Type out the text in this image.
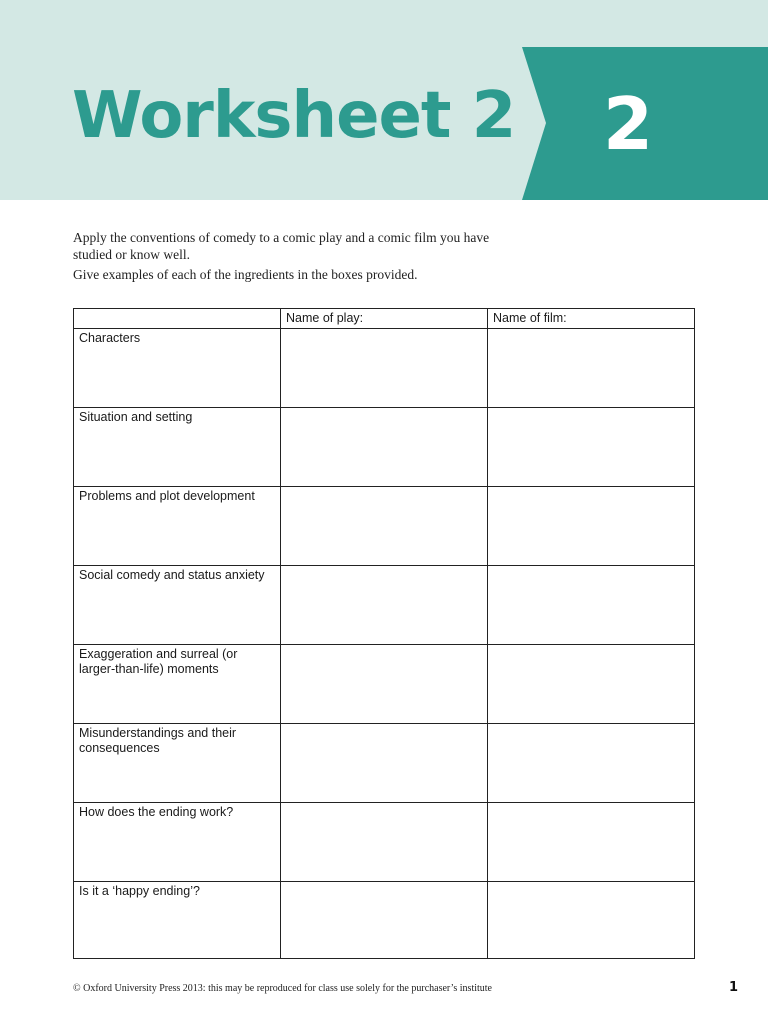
Worksheet 2	2

Apply the conventions of comedy to a comic play and a comic film you have studied or know well.

Give examples of each of the ingredients in the boxes provided.

	Name of play:	Name of film:
Characters		
Situation and setting		
Problems and plot development		
Social comedy and status anxiety		
Exaggeration and surreal (or larger-than-life) moments		
Misunderstandings and their consequences		
How does the ending work?		
Is it a ‘happy ending’?		
© Oxford University Press 2013: this may be reproduced for class use solely for the purchaser’s institute	1
